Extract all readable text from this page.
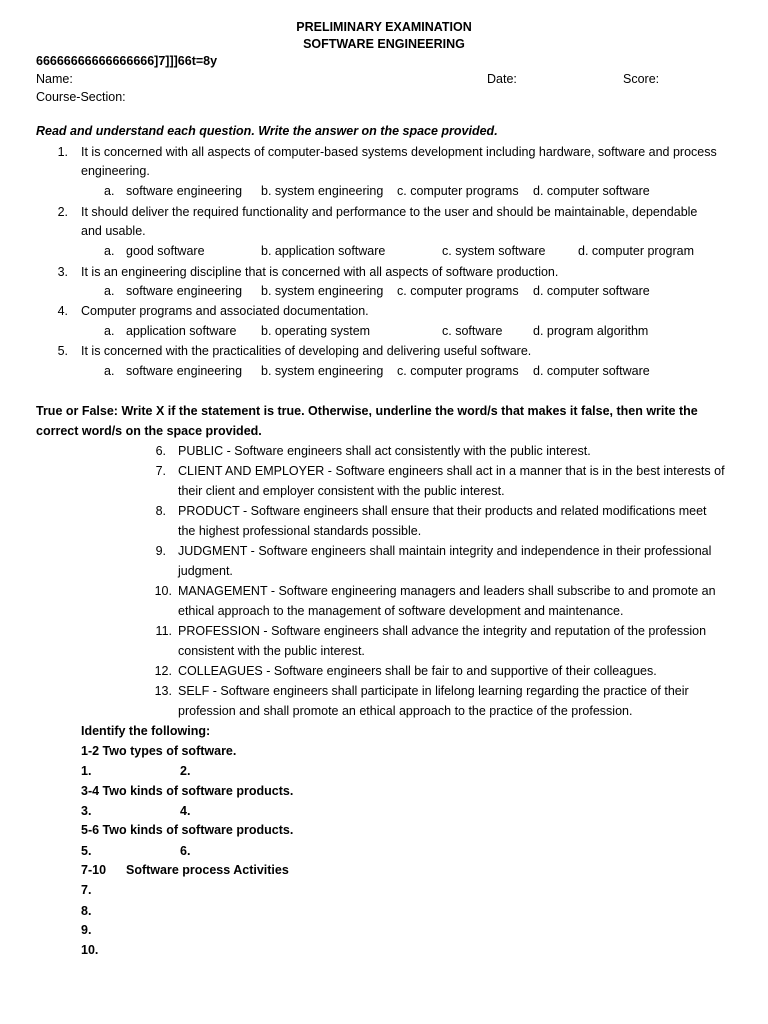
PRELIMINARY EXAMINATION
SOFTWARE ENGINEERING
66666666666666666]7]]]66t=8y
Name:	Date:	Score:
Course-Section:
Read and understand each question. Write the answer on the space provided.
1. It is concerned with all aspects of computer-based systems development including hardware, software and process
engineering.
a. software engineering b. system engineering c. computer programs d. computer software
2. It should deliver the required functionality and performance to the user and should be maintainable, dependable
and usable.
a. good software	b. application software	c. system software	d. computer program
3. It is an engineering discipline that is concerned with all aspects of software production.
a. software engineering b. system engineering c. computer programs d. computer software
4. Computer programs and associated documentation.
a. application software b. operating system	c. software d. program algorithm
5. It is concerned with the practicalities of developing and delivering useful software.
a. software engineering b. system engineering c. computer programs d. computer software
True or False: Write X if the statement is true. Otherwise, underline the word/s that makes it false, then write the
correct word/s on the space provided.
6. PUBLIC - Software engineers shall act consistently with the public interest.
7. CLIENT AND EMPLOYER - Software engineers shall act in a manner that is in the best interests of
their client and employer consistent with the public interest.
8. PRODUCT - Software engineers shall ensure that their products and related modifications meet
the highest professional standards possible.
9. JUDGMENT - Software engineers shall maintain integrity and independence in their professional
judgment.
10. MANAGEMENT - Software engineering managers and leaders shall subscribe to and promote an
ethical approach to the management of software development and maintenance.
11. PROFESSION - Software engineers shall advance the integrity and reputation of the profession
consistent with the public interest.
12. COLLEAGUES - Software engineers shall be fair to and supportive of their colleagues.
13. SELF - Software engineers shall participate in lifelong learning regarding the practice of their
profession and shall promote an ethical approach to the practice of the profession.
Identify the following:
1-2 Two types of software.
1.	2.
3-4 Two kinds of software products.
3.	4.
5-6 Two kinds of software products.
5.	6.
7-10 Software process Activities
7.
8.
9.
10.
